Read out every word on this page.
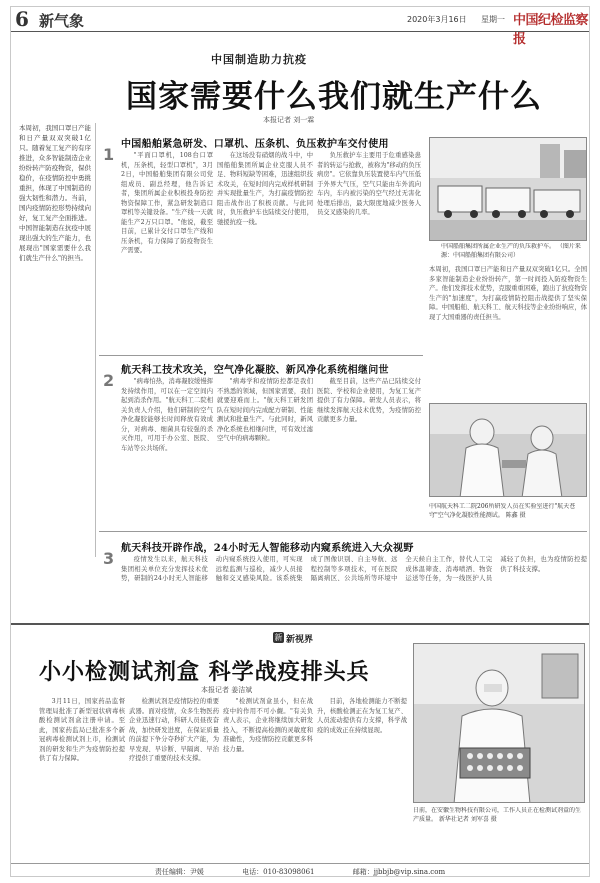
6 新气象	2020年3月16日 星期一 中国纪检监察报
中国制造助力抗疫
国家需要什么我们就生产什么
本报记者 刘一霖
本周初，我国口罩日产能和日产量双双突破1亿只。随着复工复产的有序推进，众多智能制造企业纷纷转产防疫物资，保供稳价，在疫情防控中勇挑重担，体现了中国制造的强大韧性和潜力。当前，国内疫情防控形势持续向好，复工复产全面推进。中国智能制造在抗疫中展现出强大的生产能力，也展现出"国家需要什么我们就生产什么"的担当。
1
中国船舶紧急研发、口罩机、压条机、负压救护车交付使用

"平面口罩机，108台口罩机，压条机，轻型口罩机"，3月2日，中国船舶集团有限公司党组成员、副总经理，他告诉记者，集团所属企业积极投身防控物资保障工作，紧急研发制造口罩机等关键设备。"生产线一天就能生产2万只口罩。"他说，截至目前，已累计交付口罩生产线和压条机，有力保障了防疫物资生产需要。

在这场没有硝烟的战斗中，中国船舶集团所属企业克服人员不足、物料短缺等困难，迅速组织技术攻关，在短时间内完成样机研制并实现批量生产，为打赢疫情防控阻击战作出了积极贡献。与此同时，负压救护车也陆续交付使用，驰援抗疫一线。

负压救护车主要用于危重感染患者的转运与抢救，被称为"移动的负压病房"。它依靠负压装置使车内气压低于外界大气压，空气只能由车外流向车内，车内被污染的空气经过无害化处理后排出，最大限度地减少医务人员交叉感染的几率。

中国船舶集团所属企业生产的负压救护车。 （图片来源：中国船舶集团有限公司）
本周初，我国口罩日产能和日产量双双突破1亿只。全国多家智能制造企业纷纷转产，第一时间投入防疫物资生产。他们发挥技术优势，克服重重困难，跑出了抗疫物资生产的"加速度"，为打赢疫情防控阻击战提供了坚实保障。中国船舶、航天科工、航天科技等企业纷纷响应，体现了大国重器的责任担当。
2
航天科工技术攻关，空气净化凝胶、新风净化系统相继问世

"病毒怕热，消毒凝胶缓慢挥发持续作用，可以在一定空间内起到消杀作用。"航天科工二院相关负责人介绍，他们研制的空气净化凝胶能够长时间释放有效成分，对病毒、细菌具有较强的杀灭作用，可用于办公室、医院、车站等公共场所。

"病毒学和疫情防控都是我们不熟悉的领域，但国家需要，我们就要迎难而上。"航天科工研发团队在短时间内完成配方研制、性能测试和批量生产。与此同时，新风净化系统也相继问世，可有效过滤空气中的病毒颗粒。

截至目前，这些产品已陆续交付医院、学校和企业使用，为复工复产提供了有力保障。研发人员表示，将继续发挥航天技术优势，为疫情防控贡献更多力量。

中国航天科工二院206所研发人员在实验室进行"航天苍穹"空气净化凝胶性能测试。 陈鑫 摄
3
航天科技开辟作战，24小时无人智能移动内窥系统进入大众视野

疫情发生以来，航天科技集团相关单位充分发挥技术优势，研制的24小时无人智能移动内窥系统投入使用，可实现远程监测与巡检，减少人员接触和交叉感染风险。该系统集成了图像识别、自主导航、远程控制等多项技术，可在医院隔离病区、公共场所等环境中全天候自主工作，替代人工完成体温筛查、消毒喷洒、物资运送等任务，为一线医护人员减轻了负担，也为疫情防控提供了科技支撑。

新 新视界
小小检测试剂盒 科学战疫排头兵
本报记者 姜洁斌

3月11日，国家药品监督管理局批准了新型冠状病毒核酸检测试剂盒注册申请。至此，国家药监局已批准多个新冠病毒检测试剂上市，检测试剂的研发和生产为疫情防控提供了有力保障。

检测试剂是疫情防控的重要武器。面对疫情，众多生物医药企业迅速行动，科研人员昼夜奋战，加快研发进度，在保证质量的前提下争分夺秒扩大产能，为早发现、早诊断、早隔离、早治疗提供了重要的技术支撑。

"检测试剂盒虽小，但在战疫中的作用不可小觑。"有关负责人表示，企业将继续加大研发投入，不断提高检测的灵敏度和准确性，为疫情防控贡献更多科技力量。

目前，各地检测能力不断提升，核酸检测正在为复工复产、人员流动提供有力支撑，科学战疫的成效正在持续显现。

日前，在安徽生物科技有限公司，工作人员正在检测试剂盒的生产质量。 新华社记者 刘军喜 摄
责任编辑：尹媛	电话：010-83098061	邮箱：jjbbjb@vip.sina.com
